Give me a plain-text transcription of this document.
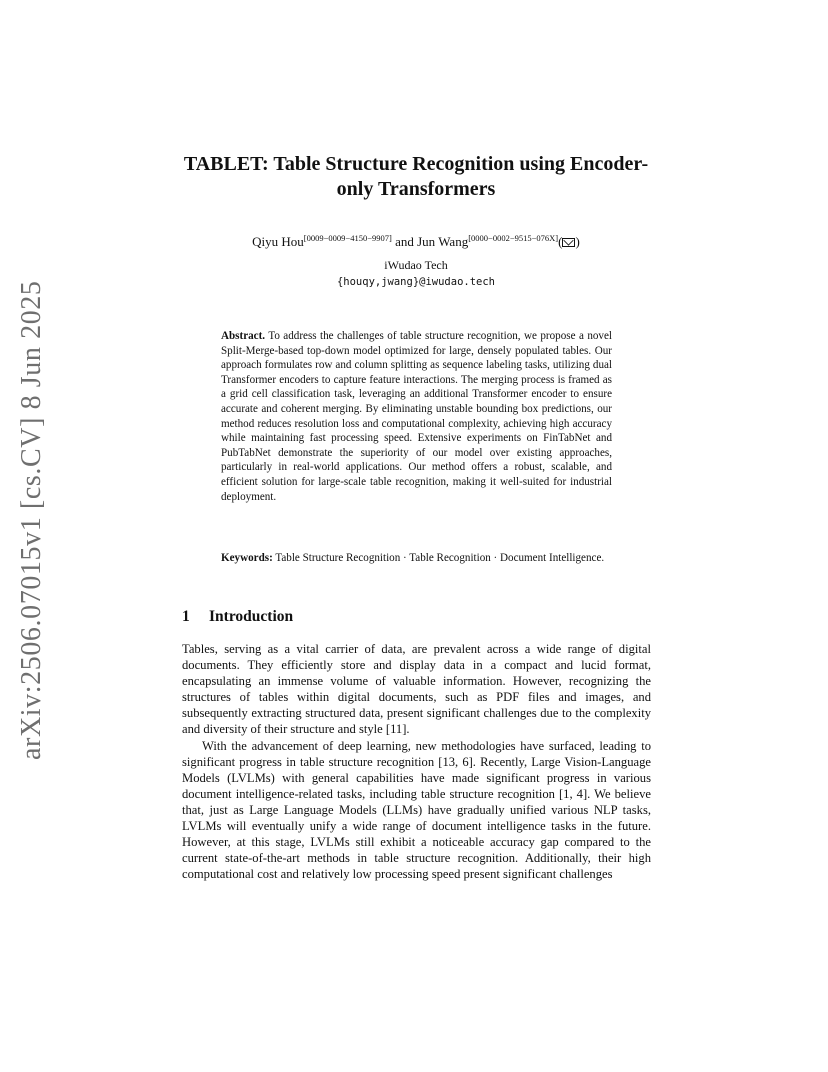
arXiv:2506.07015v1 [cs.CV] 8 Jun 2025
TABLET: Table Structure Recognition using Encoder-only Transformers
Qiyu Hou[0009−0009−4150−9907] and Jun Wang[0000−0002−9515−076X]( )
iWudao Tech
{houqy,jwang}@iwudao.tech

Abstract. To address the challenges of table structure recognition, we propose a novel Split-Merge-based top-down model optimized for large, densely populated tables. Our approach formulates row and column splitting as sequence labeling tasks, utilizing dual Transformer encoders to capture feature interactions. The merging process is framed as a grid cell classification task, leveraging an additional Transformer encoder to ensure accurate and coherent merging. By eliminating unstable bounding box predictions, our method reduces resolution loss and computational complexity, achieving high accuracy while maintaining fast processing speed. Extensive experiments on FinTabNet and PubTabNet demonstrate the superiority of our model over existing approaches, particularly in real-world applications. Our method offers a robust, scalable, and efficient solution for large-scale table recognition, making it well-suited for industrial deployment.

Keywords: Table Structure Recognition · Table Recognition · Document Intelligence.

1 Introduction

Tables, serving as a vital carrier of data, are prevalent across a wide range of digital documents. They efficiently store and display data in a compact and lucid format, encapsulating an immense volume of valuable information. However, recognizing the structures of tables within digital documents, such as PDF files and images, and subsequently extracting structured data, present significant challenges due to the complexity and diversity of their structure and style [11].

With the advancement of deep learning, new methodologies have surfaced, leading to significant progress in table structure recognition [13, 6]. Recently, Large Vision-Language Models (LVLMs) with general capabilities have made significant progress in various document intelligence-related tasks, including table structure recognition [1, 4]. We believe that, just as Large Language Models (LLMs) have gradually unified various NLP tasks, LVLMs will eventually unify a wide range of document intelligence tasks in the future. However, at this stage, LVLMs still exhibit a noticeable accuracy gap compared to the current state-of-the-art methods in table structure recognition. Additionally, their high computational cost and relatively low processing speed present significant challenges
